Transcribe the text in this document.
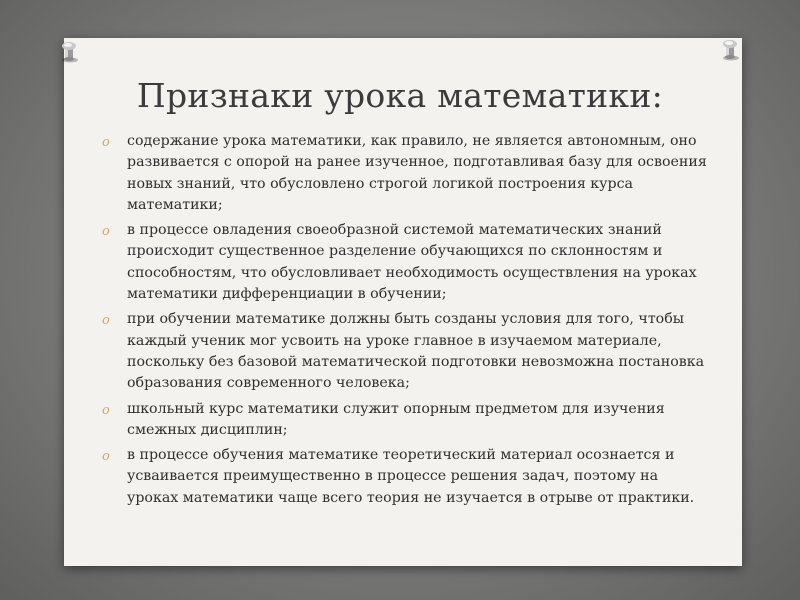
Признаки урока математики:
o содержание урока математики, как правило, не является автономным, оно развивается с опорой на ранее изученное, подготавливая базу для освоения новых знаний, что обусловлено строгой логикой построения курса математики;
o в процессе овладения своеобразной системой математических знаний происходит существенное разделение обучающихся по склонностям и способностям, что обусловливает необходимость осуществления на уроках математики дифференциации в обучении;
o при обучении математике должны быть созданы условия для того, чтобы каждый ученик мог усвоить на уроке главное в изучаемом материале, поскольку без базовой математической подготовки невозможна постановка образования современного человека;
o школьный курс математики служит опорным предметом для изучения смежных дисциплин;
o в процессе обучения математике теоретический материал осознается и усваивается преимущественно в процессе решения задач, поэтому на уроках математики чаще всего теория не изучается в отрыве от практики.
